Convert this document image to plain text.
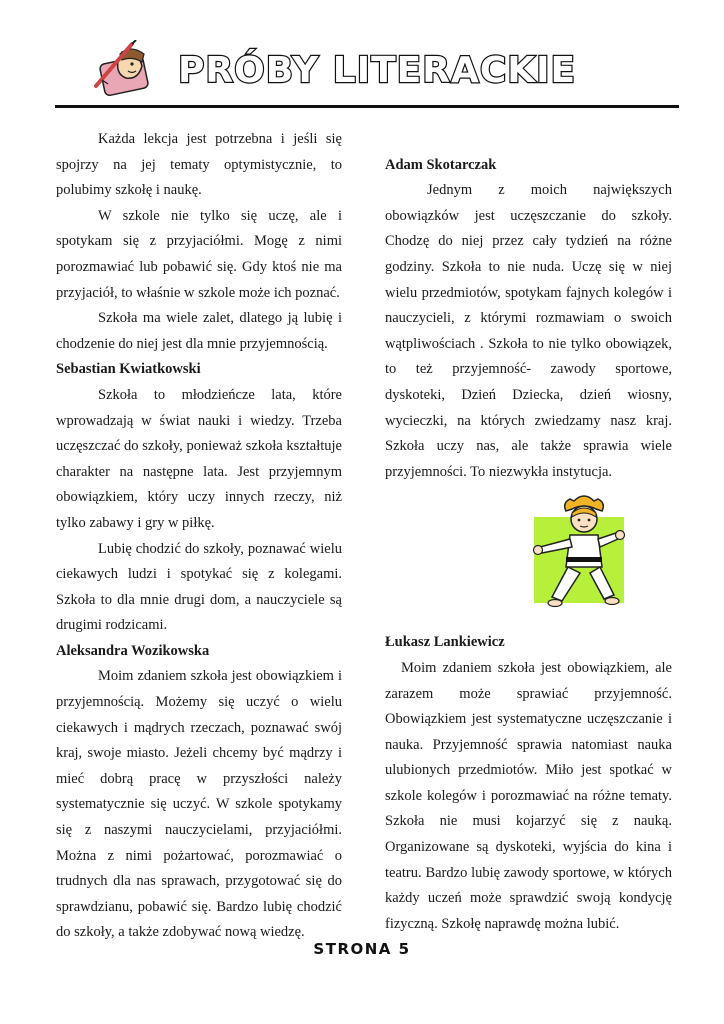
PRÓBY LITERACKIE

Każda lekcja jest potrzebna i jeśli się spojrzy na jej tematy optymistycznie, to polubimy szkołę i naukę.

W szkole nie tylko się uczę, ale i spotykam się z przyjaciółmi. Mogę z nimi porozmawiać lub pobawić się. Gdy ktoś nie ma przyjaciół, to właśnie w szkole może ich poznać.

Szkoła ma wiele zalet, dlatego ją lubię i chodzenie do niej jest dla mnie przyjemnością.

Sebastian Kwiatkowski

Szkoła to młodzieńcze lata, które wprowadzają w świat nauki i wiedzy. Trzeba uczęszczać do szkoły, ponieważ szkoła kształtuje charakter na następne lata. Jest przyjemnym obowiązkiem, który uczy innych rzeczy, niż tylko zabawy i gry w piłkę.

Lubię chodzić do szkoły, poznawać wielu ciekawych ludzi i spotykać się z kolegami. Szkoła to dla mnie drugi dom, a nauczyciele są drugimi rodzicami.

Aleksandra Wozikowska

Moim zdaniem szkoła jest obowiązkiem i przyjemnością. Możemy się uczyć o wielu ciekawych i mądrych rzeczach, poznawać swój kraj, swoje miasto. Jeżeli chcemy być mądrzy i mieć dobrą pracę w przyszłości należy systematycznie się uczyć. W szkole spotykamy się z naszymi nauczycielami, przyjaciółmi. Można z nimi pożartować, porozmawiać o trudnych dla nas sprawach, przygotować się do sprawdzianu, pobawić się. Bardzo lubię chodzić do szkoły, a także zdobywać nową wiedzę.

Adam Skotarczak

Jednym z moich największych obowiązków jest uczęszczanie do szkoły. Chodzę do niej przez cały tydzień na różne godziny. Szkoła to nie nuda. Uczę się w niej wielu przedmiotów, spotykam fajnych kolegów i nauczycieli, z którymi rozmawiam o swoich wątpliwościach . Szkoła to nie tylko obowiązek, to też przyjemność- zawody sportowe, dyskoteki, Dzień Dziecka, dzień wiosny, wycieczki, na których zwiedzamy nasz kraj. Szkoła uczy nas, ale także sprawia wiele przyjemności. To niezwykła instytucja.

Łukasz Lankiewicz

Moim zdaniem szkoła jest obowiązkiem, ale zarazem może sprawiać przyjemność. Obowiązkiem jest systematyczne uczęszczanie i nauka. Przyjemność sprawia natomiast nauka ulubionych przedmiotów. Miło jest spotkać w szkole kolegów i porozmawiać na różne tematy. Szkoła nie musi kojarzyć się z nauką. Organizowane są dyskoteki, wyjścia do kina i teatru. Bardzo lubię zawody sportowe, w których każdy uczeń może sprawdzić swoją kondycję fizyczną. Szkołę naprawdę można lubić.

STRONA 5
